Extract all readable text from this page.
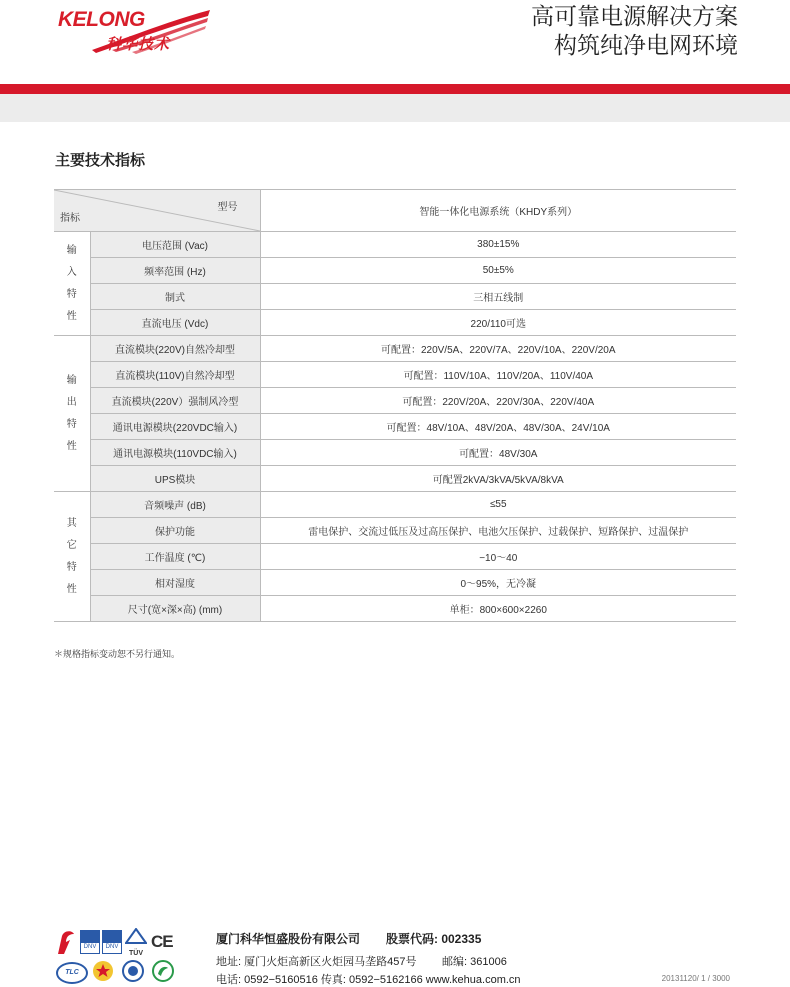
KELONG
科华技术
高可靠电源解决方案
构筑纯净电网环境
主要技术指标
型号
指标		智能一体化电源系统（KHDY系列）
输入特性	电压范围 (Vac)	380±15%
	频率范围 (Hz)	50±5%
	制式	三相五线制
	直流电压 (Vdc)	220/110可选
输出特性	直流模块(220V)自然冷却型	可配置：220V/5A、220V/7A、220V/10A、220V/20A
	直流模块(110V)自然冷却型	可配置：110V/10A、110V/20A、110V/40A
	直流模块(220V）强制风冷型	可配置：220V/20A、220V/30A、220V/40A
	通讯电源模块(220VDC输入)	可配置：48V/10A、48V/20A、48V/30A、24V/10A
	通讯电源模块(110VDC输入)	可配置：48V/30A
	UPS模块	可配置2kVA/3kVA/5kVA/8kVA
其它特性	音频噪声 (dB)	≤55
	保护功能	雷电保护、交流过低压及过高压保护、电池欠压保护、过载保护、短路保护、过温保护
	工作温度 (℃)	−10～40
	相对湿度	0～95%，无冷凝
	尺寸(宽×深×高) (mm)	单柜：800×600×2260
＊规格指标变动恕不另行通知。
DNV	DNV
TÜV
CE
TLC
厦门科华恒盛股份有限公司 股票代码: 002335
地址: 厦门火炬高新区火炬园马垄路457号 邮编: 361006
电话: 0592−5160516 传真: 0592−5162166 www.kehua.com.cn	20131120/ 1 / 3000
